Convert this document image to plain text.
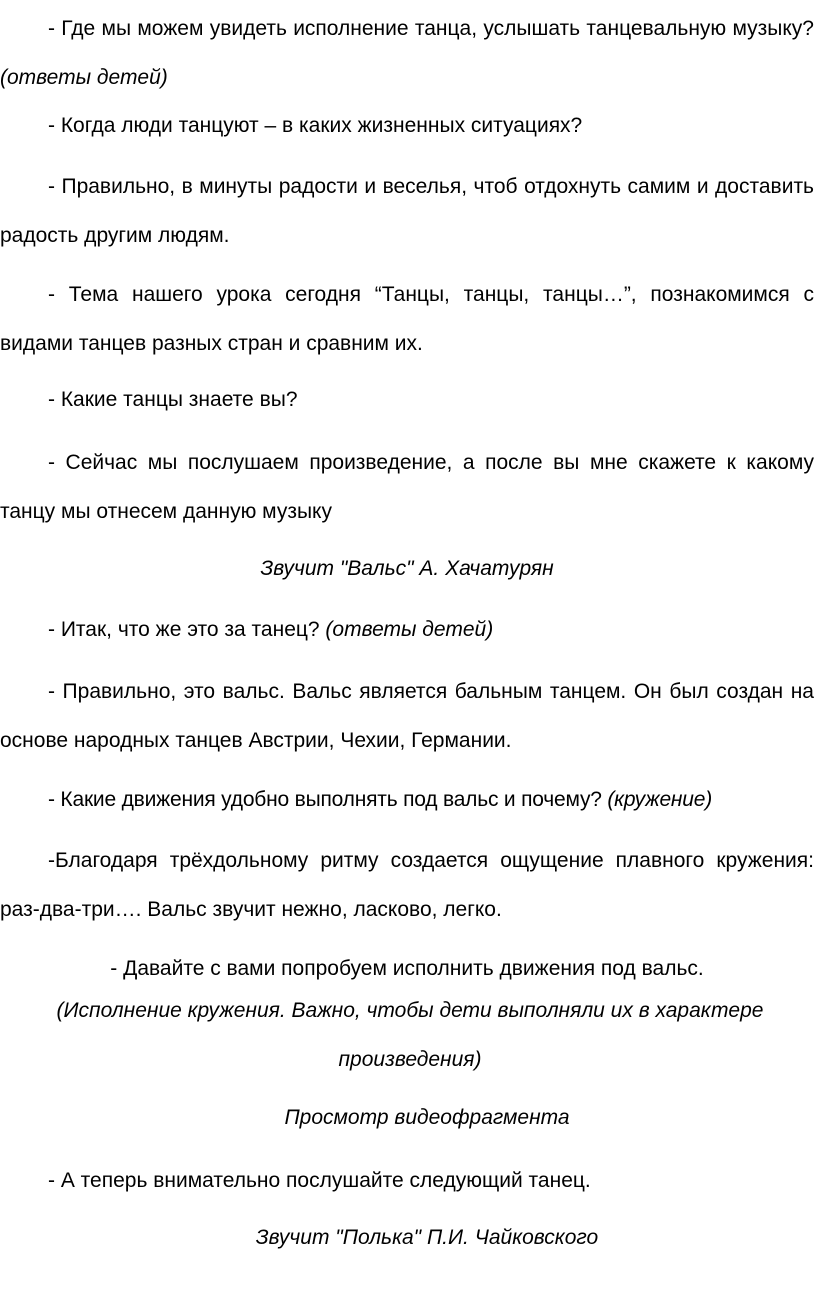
- Где мы можем увидеть исполнение танца, услышать танцевальную музыку? (ответы детей)

- Когда люди танцуют – в каких жизненных ситуациях?

- Правильно, в минуты радости и веселья, чтоб отдохнуть самим и доставить радость другим людям.

- Тема нашего урока сегодня “Танцы, танцы, танцы…”, познакомимся с видами танцев разных стран и сравним их.

- Какие танцы знаете вы?

- Сейчас мы послушаем произведение, а после вы мне скажете к какому танцу мы отнесем данную музыку

Звучит "Вальс" А. Хачатурян

- Итак, что же это за танец? (ответы детей)

- Правильно, это вальс. Вальс является бальным танцем. Он был создан на основе народных танцев Австрии, Чехии, Германии.

- Какие движения удобно выполнять под вальс и почему? (кружение)

-Благодаря трёхдольному ритму создается ощущение плавного кружения: раз-два-три…. Вальс звучит нежно, ласково, легко.

- Давайте с вами попробуем исполнить движения под вальс.

(Исполнение кружения. Важно, чтобы дети выполняли их в характере произведения)

Просмотр видеофрагмента

- А теперь внимательно послушайте следующий танец.

Звучит "Полька" П.И. Чайковского
